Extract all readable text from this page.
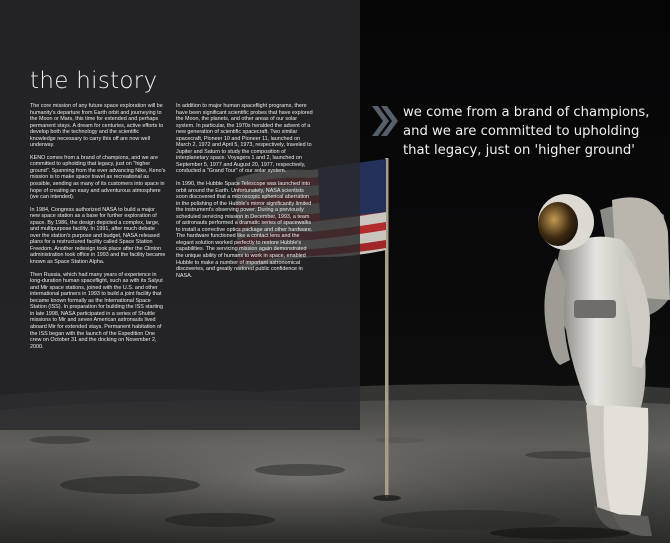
the history

The core mission of any future space exploration will be humanity's departure from Earth orbit and journeying to the Moon or Mars, this time for extended and perhaps permanent stays. A dream for centuries, active efforts to develop both the technology and the scientific knowledge necessary to carry this off are now well underway.

KENO comes from a brand of champions, and we are committed to upholding that legacy, just on "higher ground". Spanning from the ever advancing Nike, Keno's mission is to make space travel as recreational as possible, sending as many of its customers into space in hope of creating an easy and adventurous atmosphere (we can intended).

In 1984, Congress authorized NASA to build a major new space station as a base for further exploration of space. By 1986, the design depicted a complex, large, and multipurpose facility. In 1991, after much debate over the station's purpose and budget, NASA released plans for a restructured facility called Space Station Freedom. Another redesign took place after the Clinton administration took office in 1993 and the facility became known as Space Station Alpha.

Then Russia, which had many years of experience in long-duration human spaceflight, such as with its Salyut and Mir space stations, joined with the U.S. and other international partners in 1993 to build a joint facility that became known formally as the International Space Station (ISS). In preparation for building the ISS starting in late 1998, NASA participated in a series of Shuttle missions to Mir and seven American astronauts lived aboard Mir for extended stays. Permanent habitation of the ISS began with the launch of the Expedition One crew on October 31 and the docking on November 2, 2000.

In addition to major human spaceflight programs, there have been significant scientific probes that have explored the Moon, the planets, and other areas of our solar system. In particular, the 1970s heralded the advent of a new generation of scientific spacecraft. Two similar spacecraft, Pioneer 10 and Pioneer 11, launched on March 2, 1972 and April 5, 1973, respectively, traveled to Jupiter and Saturn to study the composition of interplanetary space. Voyagers 1 and 2, launched on September 5, 1977 and August 20, 1977, respectively, conducted a "Grand Tour" of our solar system.

In 1990, the Hubble Space Telescope was launched into orbit around the Earth. Unfortunately, NASA scientists soon discovered that a microscopic spherical aberration in the polishing of the Hubble's mirror significantly limited the instrument's observing power. During a previously scheduled servicing mission in December, 1993, a team of astronauts performed a dramatic series of spacewalks to install a corrective optics package and other hardware. The hardware functioned like a contact lens and the elegant solution worked perfectly to restore Hubble's capabilities. The servicing mission again demonstrated the unique ability of humans to work in space, enabled Hubble to make a number of important astronomical discoveries, and greatly restored public confidence in NASA.

we come from a brand of champions, and we are committed to upholding that legacy, just on 'higher ground'
